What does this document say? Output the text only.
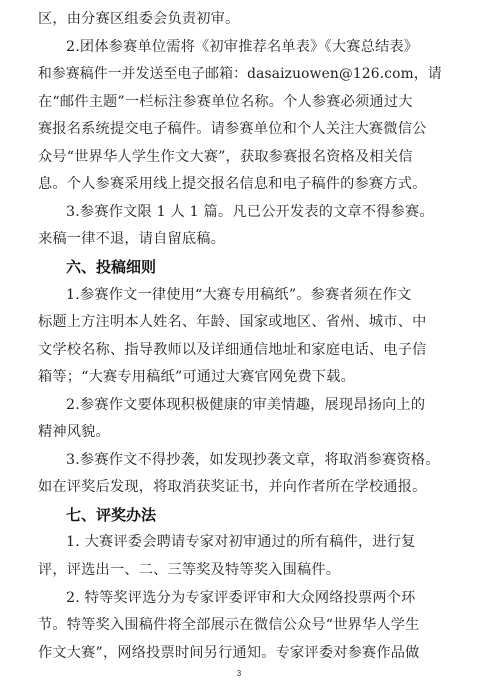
区，由分赛区组委会负责初审。

2.团体参赛单位需将《初审推荐名单表》《大赛总结表》

和参赛稿件一并发送至电子邮箱：dasaizuowen@126.com，请

在“邮件主题”一栏标注参赛单位名称。个人参赛必须通过大

赛报名系统提交电子稿件。请参赛单位和个人关注大赛微信公

众号“世界华人学生作文大赛”，获取参赛报名资格及相关信

息。个人参赛采用线上提交报名信息和电子稿件的参赛方式。

3.参赛作文限 1 人 1 篇。凡已公开发表的文章不得参赛。

来稿一律不退，请自留底稿。

六、投稿细则

1.参赛作文一律使用“大赛专用稿纸”。参赛者须在作文

标题上方注明本人姓名、年龄、国家或地区、省州、城市、中

文学校名称、指导教师以及详细通信地址和家庭电话、电子信

箱等；“大赛专用稿纸”可通过大赛官网免费下载。

2.参赛作文要体现积极健康的审美情趣，展现昂扬向上的

精神风貌。

3.参赛作文不得抄袭，如发现抄袭文章，将取消参赛资格。

如在评奖后发现，将取消获奖证书，并向作者所在学校通报。

七、评奖办法

1. 大赛评委会聘请专家对初审通过的所有稿件，进行复

评，评选出一、二、三等奖及特等奖入围稿件。

2. 特等奖评选分为专家评委评审和大众网络投票两个环

节。特等奖入围稿件将全部展示在微信公众号“世界华人学生

作文大赛”，网络投票时间另行通知。专家评委对参赛作品做

3
